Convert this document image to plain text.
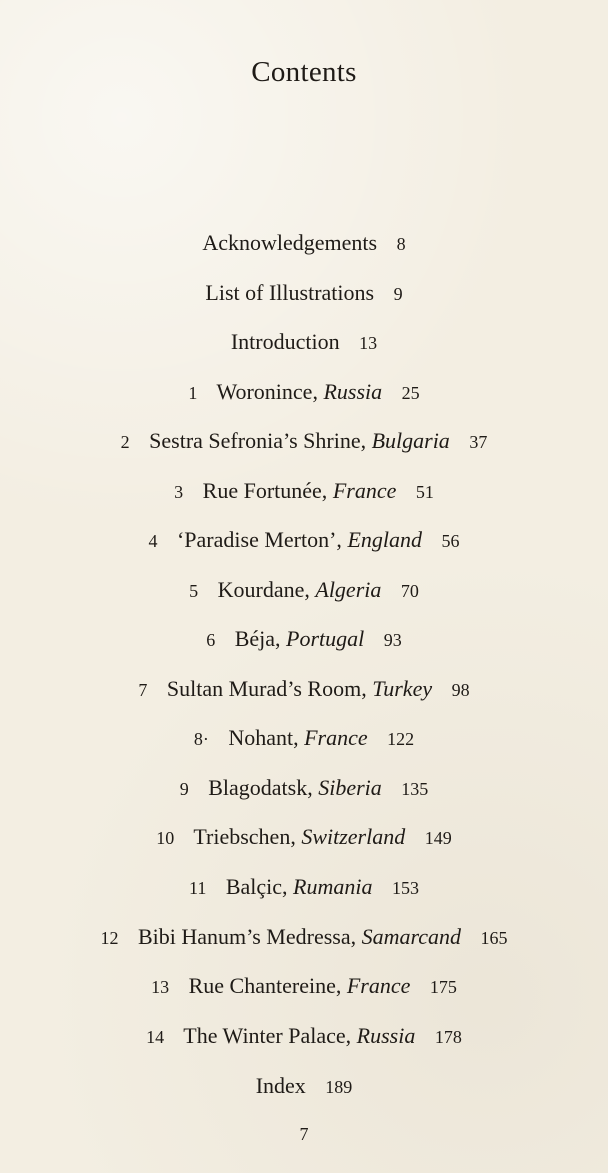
Contents
Acknowledgements 8
List of Illustrations 9
Introduction 13
1 Woronince, Russia 25
2 Sestra Sefronia’s Shrine, Bulgaria 37
3 Rue Fortunée, France 51
4 ‘Paradise Merton’, England 56
5 Kourdane, Algeria 70
6 Béja, Portugal 93
7 Sultan Murad’s Room, Turkey 98
8· Nohant, France 122
9 Blagodatsk, Siberia 135
10 Triebschen, Switzerland 149
11 Balçic, Rumania 153
12 Bibi Hanum’s Medressa, Samarcand 165
13 Rue Chantereine, France 175
14 The Winter Palace, Russia 178
Index 189
7
